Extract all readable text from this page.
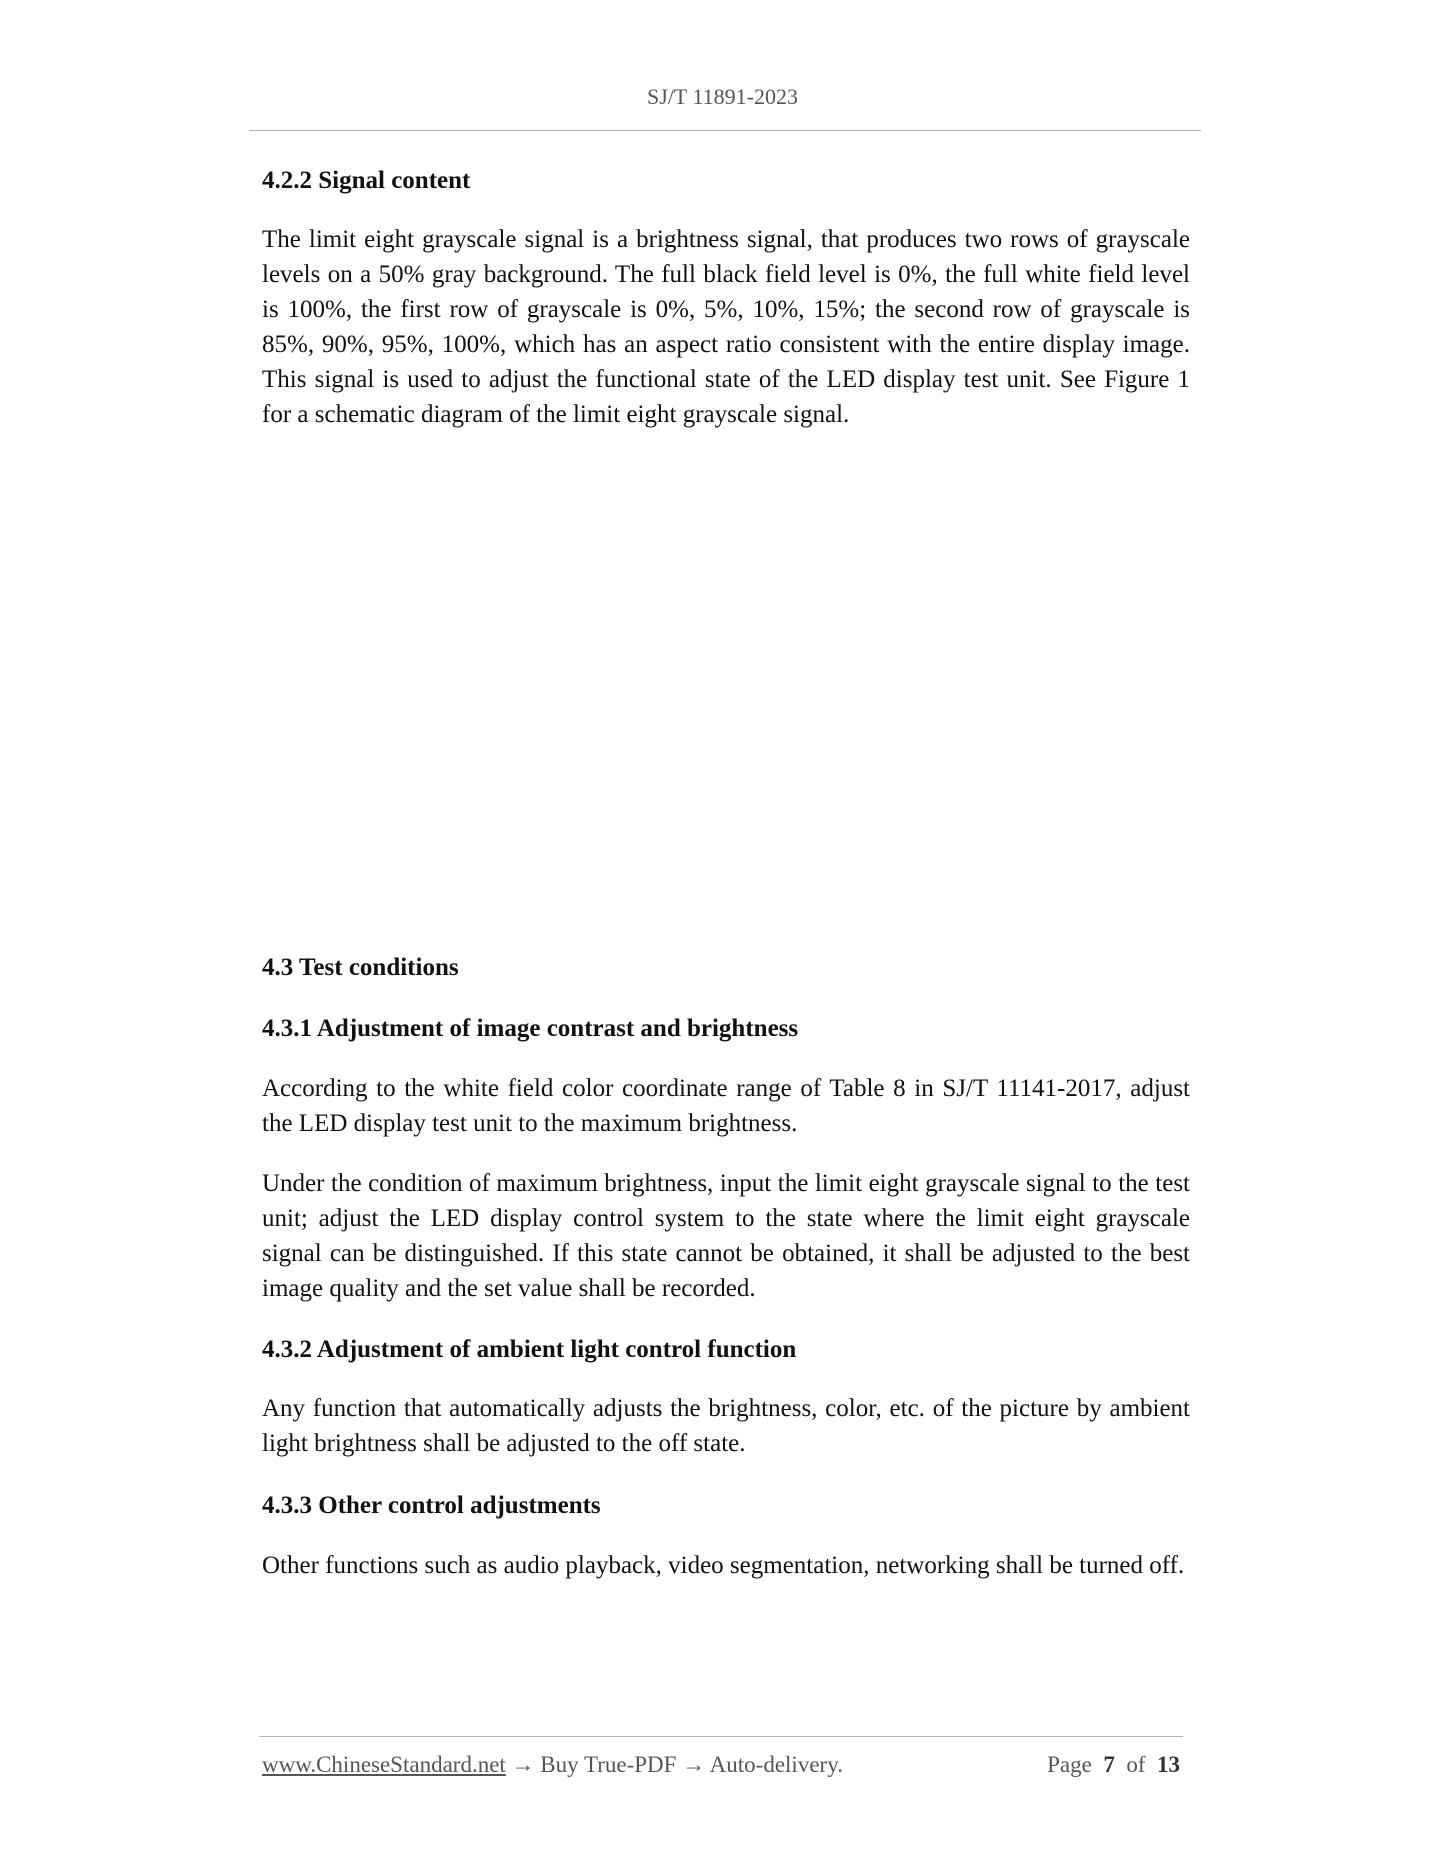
SJ/T 11891-2023
4.2.2 Signal content

The limit eight grayscale signal is a brightness signal, that produces two rows of grayscale levels on a 50% gray background. The full black field level is 0%, the full white field level is 100%, the first row of grayscale is 0%, 5%, 10%, 15%; the second row of grayscale is 85%, 90%, 95%, 100%, which has an aspect ratio consistent with the entire display image. This signal is used to adjust the functional state of the LED display test unit. See Figure 1 for a schematic diagram of the limit eight grayscale signal.

4.3 Test conditions
4.3.1 Adjustment of image contrast and brightness

According to the white field color coordinate range of Table 8 in SJ/T 11141-2017, adjust the LED display test unit to the maximum brightness.

Under the condition of maximum brightness, input the limit eight grayscale signal to the test unit; adjust the LED display control system to the state where the limit eight grayscale signal can be distinguished. If this state cannot be obtained, it shall be adjusted to the best image quality and the set value shall be recorded.

4.3.2 Adjustment of ambient light control function

Any function that automatically adjusts the brightness, color, etc. of the picture by ambient light brightness shall be adjusted to the off state.

4.3.3 Other control adjustments

Other functions such as audio playback, video segmentation, networking shall be turned off.

www.ChineseStandard.net → Buy True-PDF → Auto-delivery.	Page 7 of 13
